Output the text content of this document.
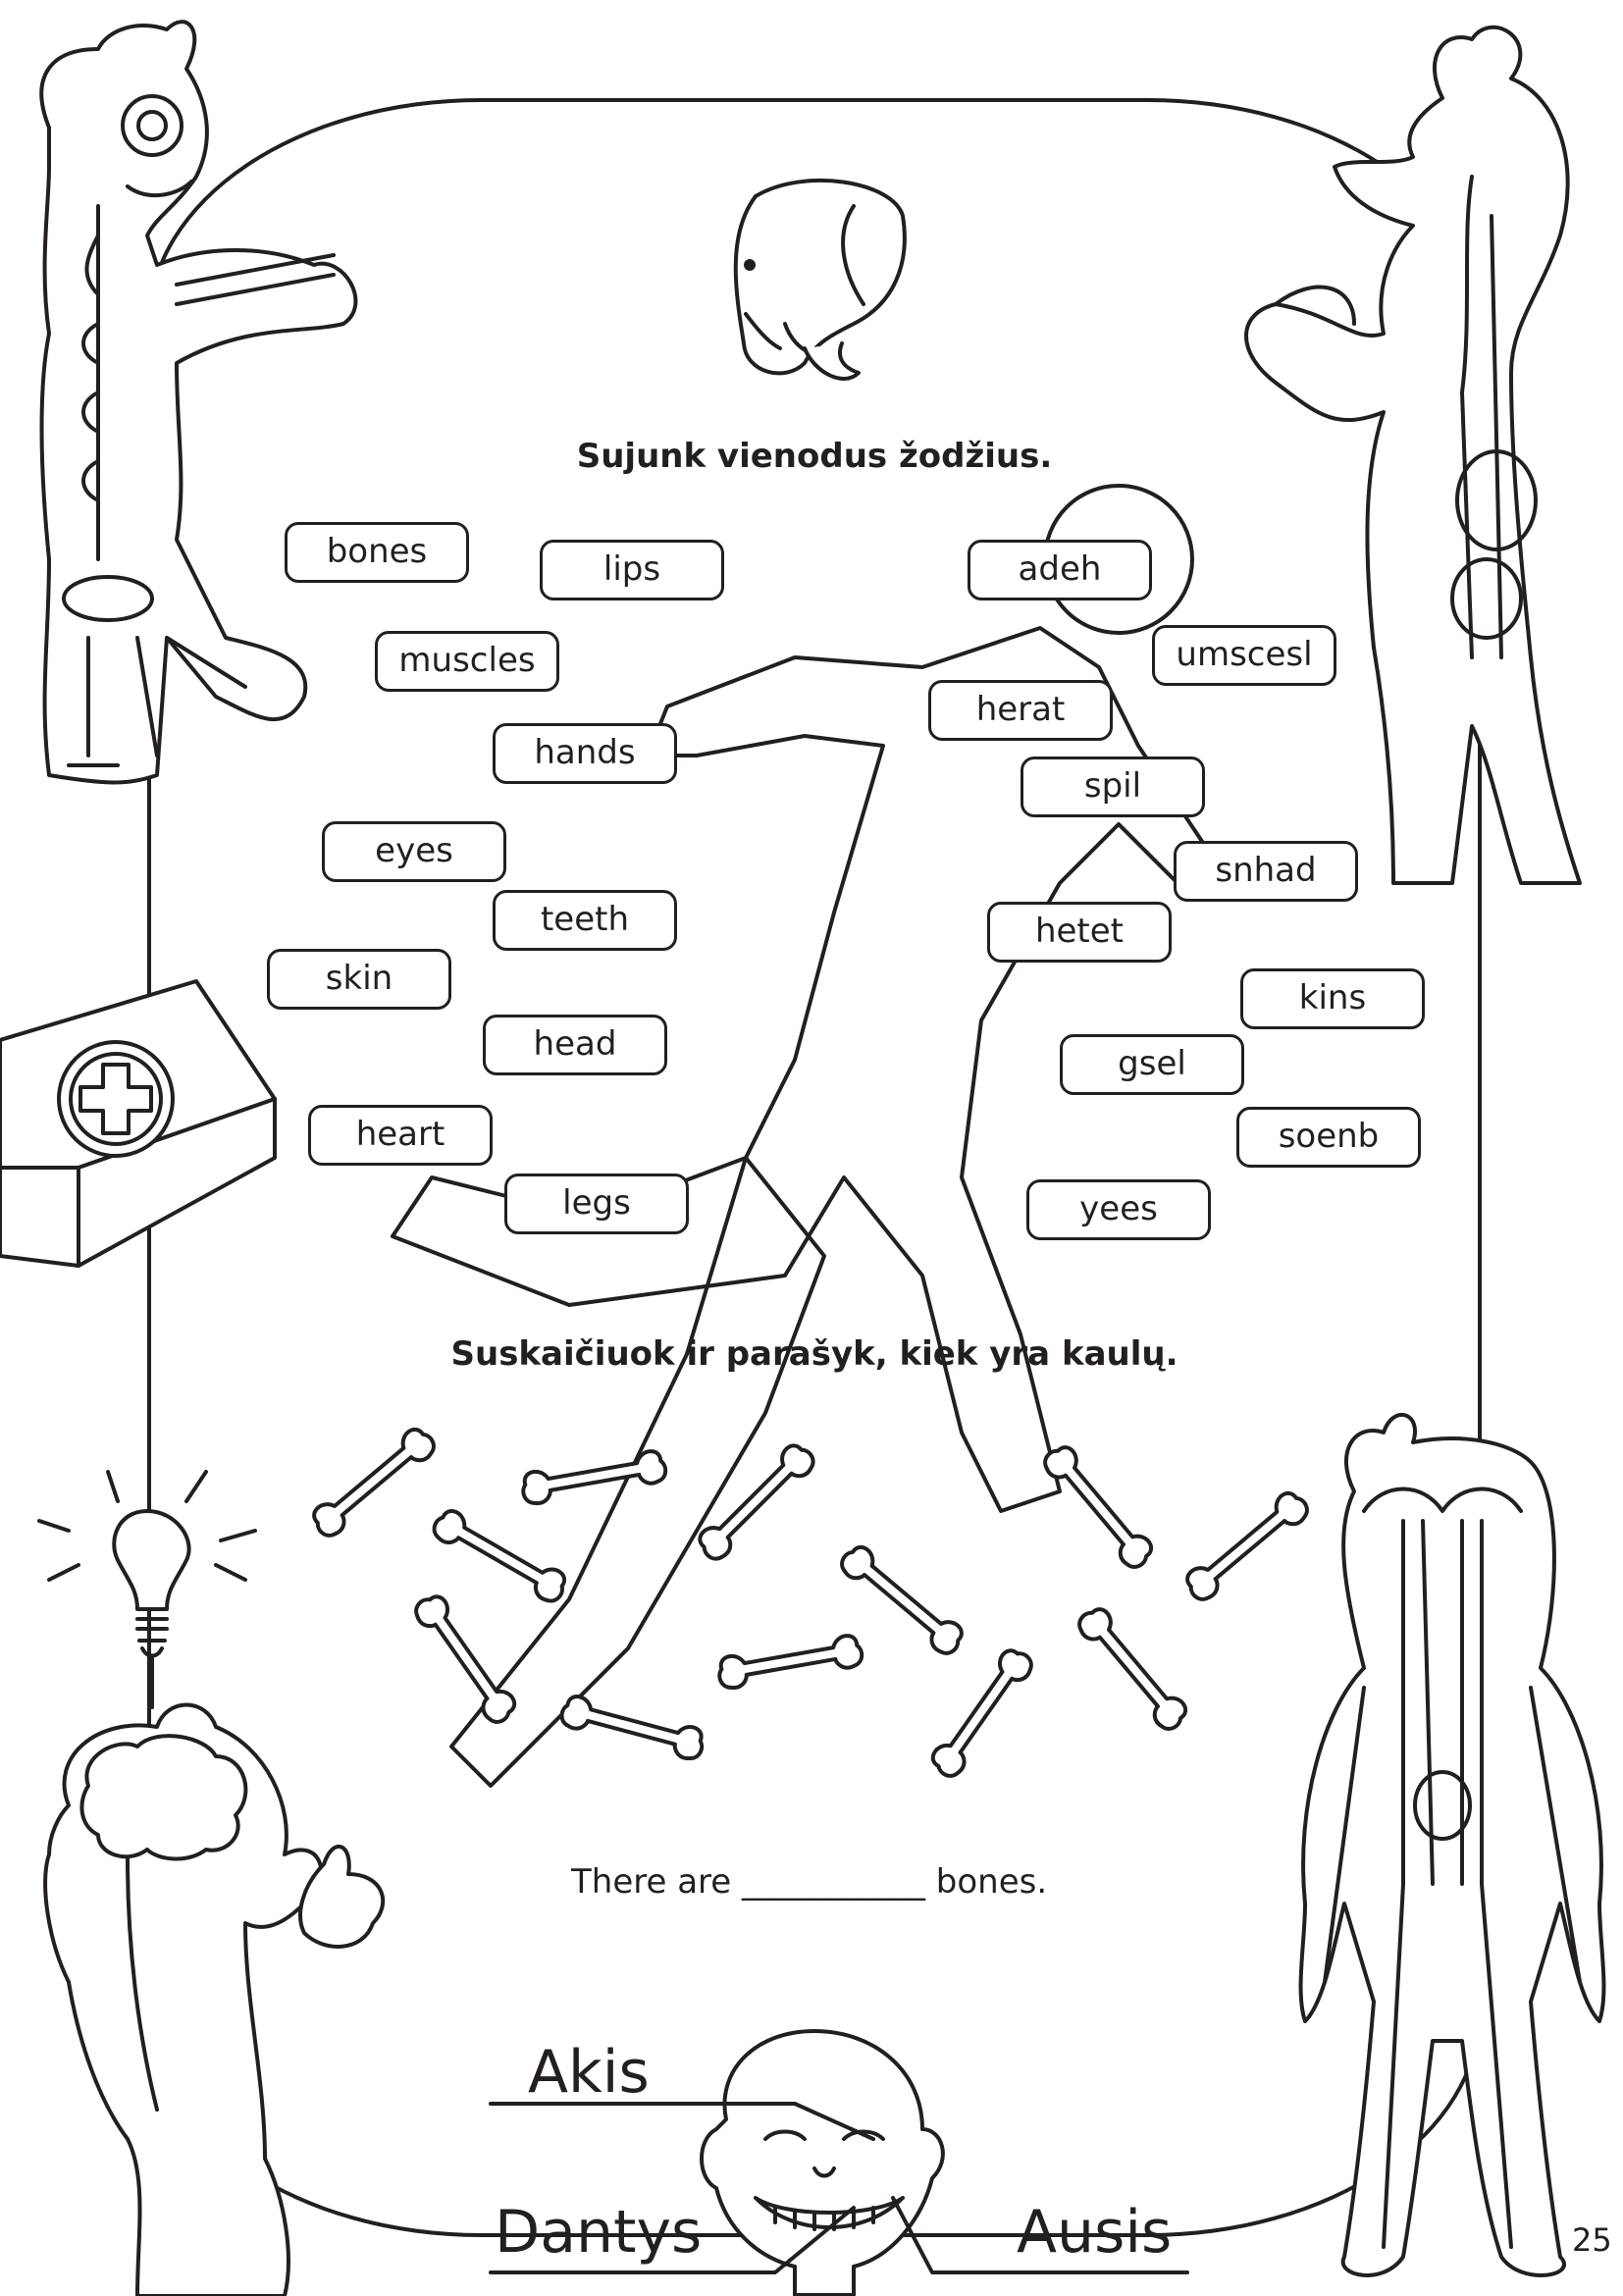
Sujunk vienodus žodžius.
Suskaičiuok ir parašyk, kiek yra kaulų.
bones	lips
muscles
hands
eyes
teeth
skin
head
heart
legs
adeh
umscesl
herat
spil
snhad
hetet
kins
gsel
soenb
yees
There are ___________ bones.
Akis
Dantys	Ausis	25
